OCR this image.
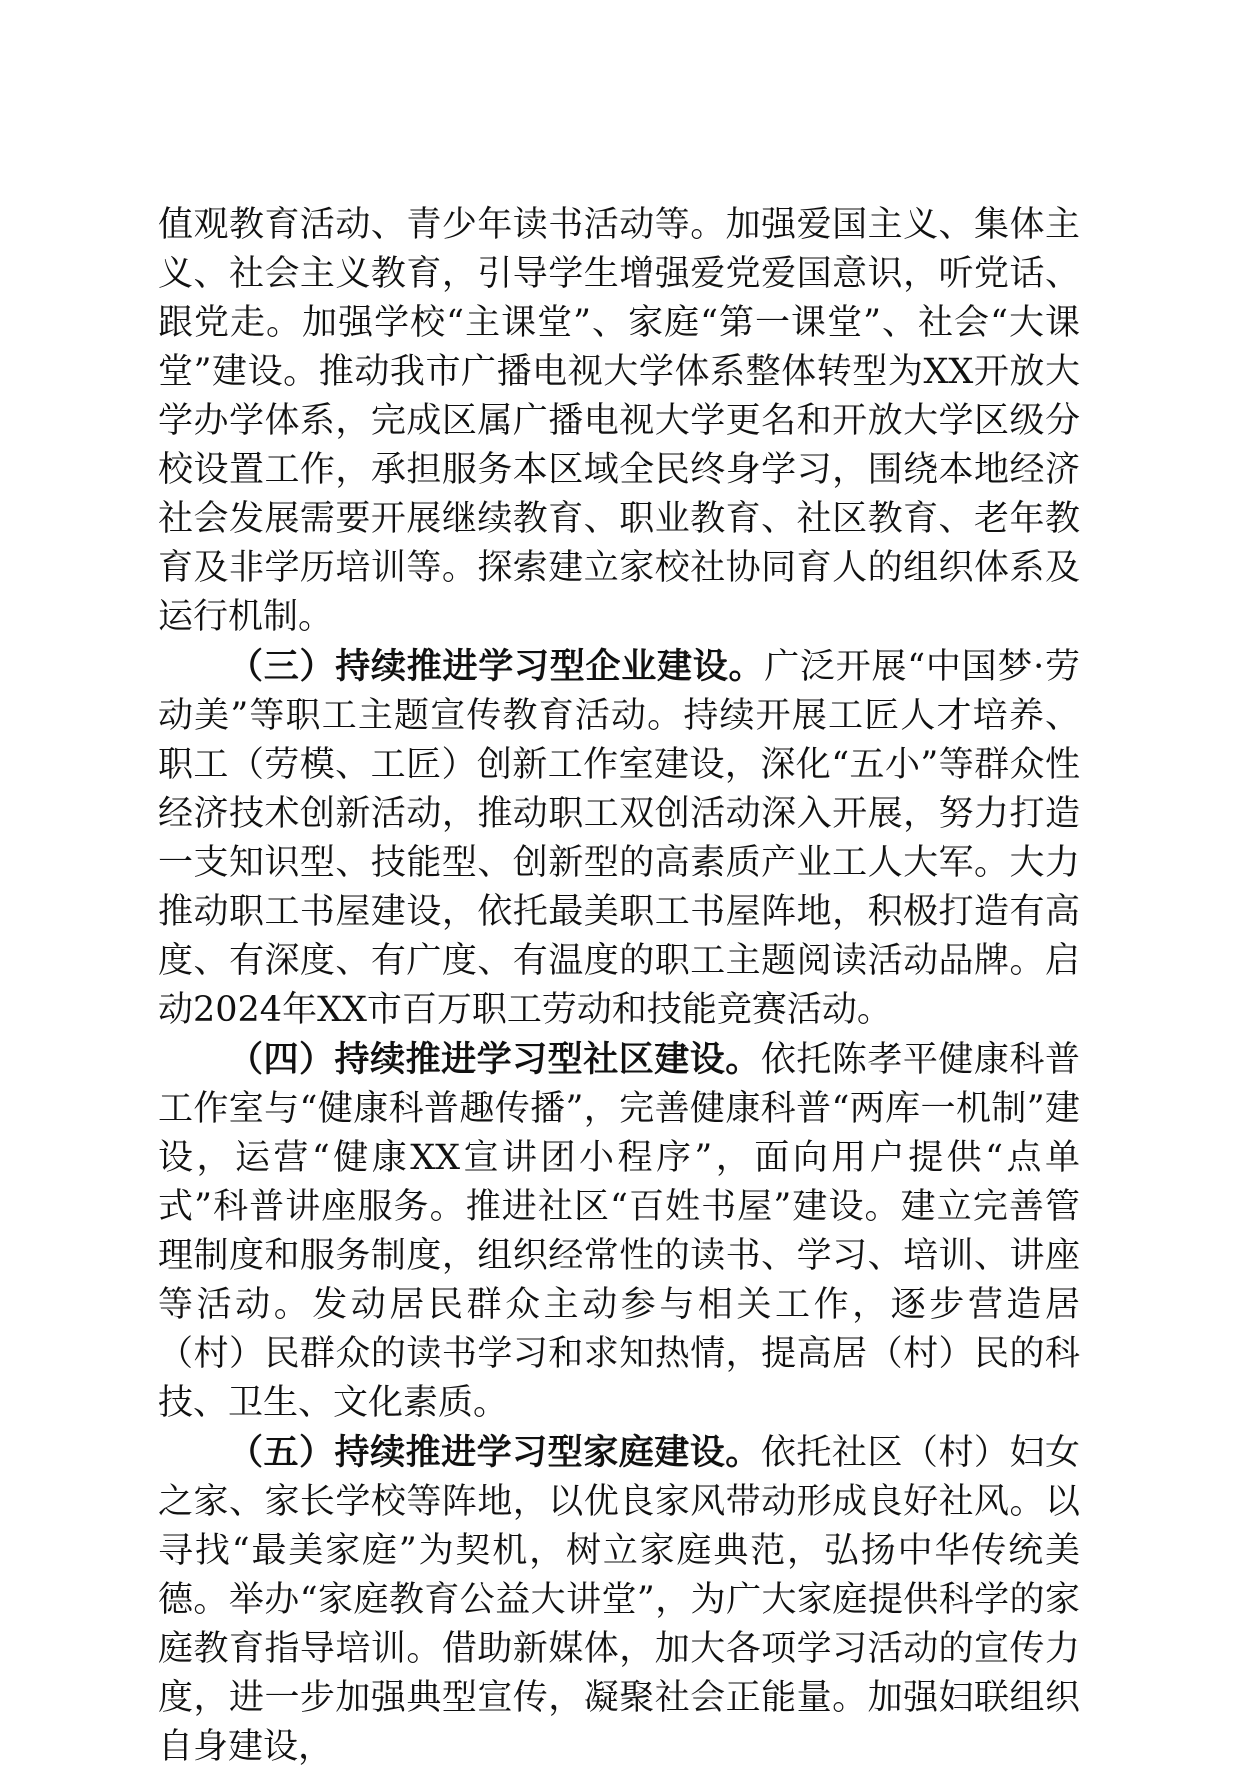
值观教育活动、青少年读书活动等。加强爱国主义、集体主义、社会主义教育，引导学生增强爱党爱国意识，听党话、跟党走。加强学校“主课堂”、家庭“第一课堂”、社会“大课堂”建设。推动我市广播电视大学体系整体转型为XX开放大学办学体系，完成区属广播电视大学更名和开放大学区级分校设置工作，承担服务本区域全民终身学习，围绕本地经济社会发展需要开展继续教育、职业教育、社区教育、老年教育及非学历培训等。探索建立家校社协同育人的组织体系及运行机制。

（三）持续推进学习型企业建设。广泛开展“中国梦·劳动美”等职工主题宣传教育活动。持续开展工匠人才培养、职工（劳模、工匠）创新工作室建设，深化“五小”等群众性经济技术创新活动，推动职工双创活动深入开展，努力打造一支知识型、技能型、创新型的高素质产业工人大军。大力推动职工书屋建设，依托最美职工书屋阵地，积极打造有高度、有深度、有广度、有温度的职工主题阅读活动品牌。启动2024年XX市百万职工劳动和技能竞赛活动。

（四）持续推进学习型社区建设。依托陈孝平健康科普工作室与“健康科普趣传播”，完善健康科普“两库一机制”建设，运营“健康XX宣讲团小程序”，面向用户提供“点单式”科普讲座服务。推进社区“百姓书屋”建设。建立完善管理制度和服务制度，组织经常性的读书、学习、培训、讲座等活动。发动居民群众主动参与相关工作，逐步营造居（村）民群众的读书学习和求知热情，提高居（村）民的科技、卫生、文化素质。

（五）持续推进学习型家庭建设。依托社区（村）妇女之家、家长学校等阵地，以优良家风带动形成良好社风。以寻找“最美家庭”为契机，树立家庭典范，弘扬中华传统美德。举办“家庭教育公益大讲堂”，为广大家庭提供科学的家庭教育指导培训。借助新媒体，加大各项学习活动的宣传力度，进一步加强典型宣传，凝聚社会正能量。加强妇联组织自身建设，
